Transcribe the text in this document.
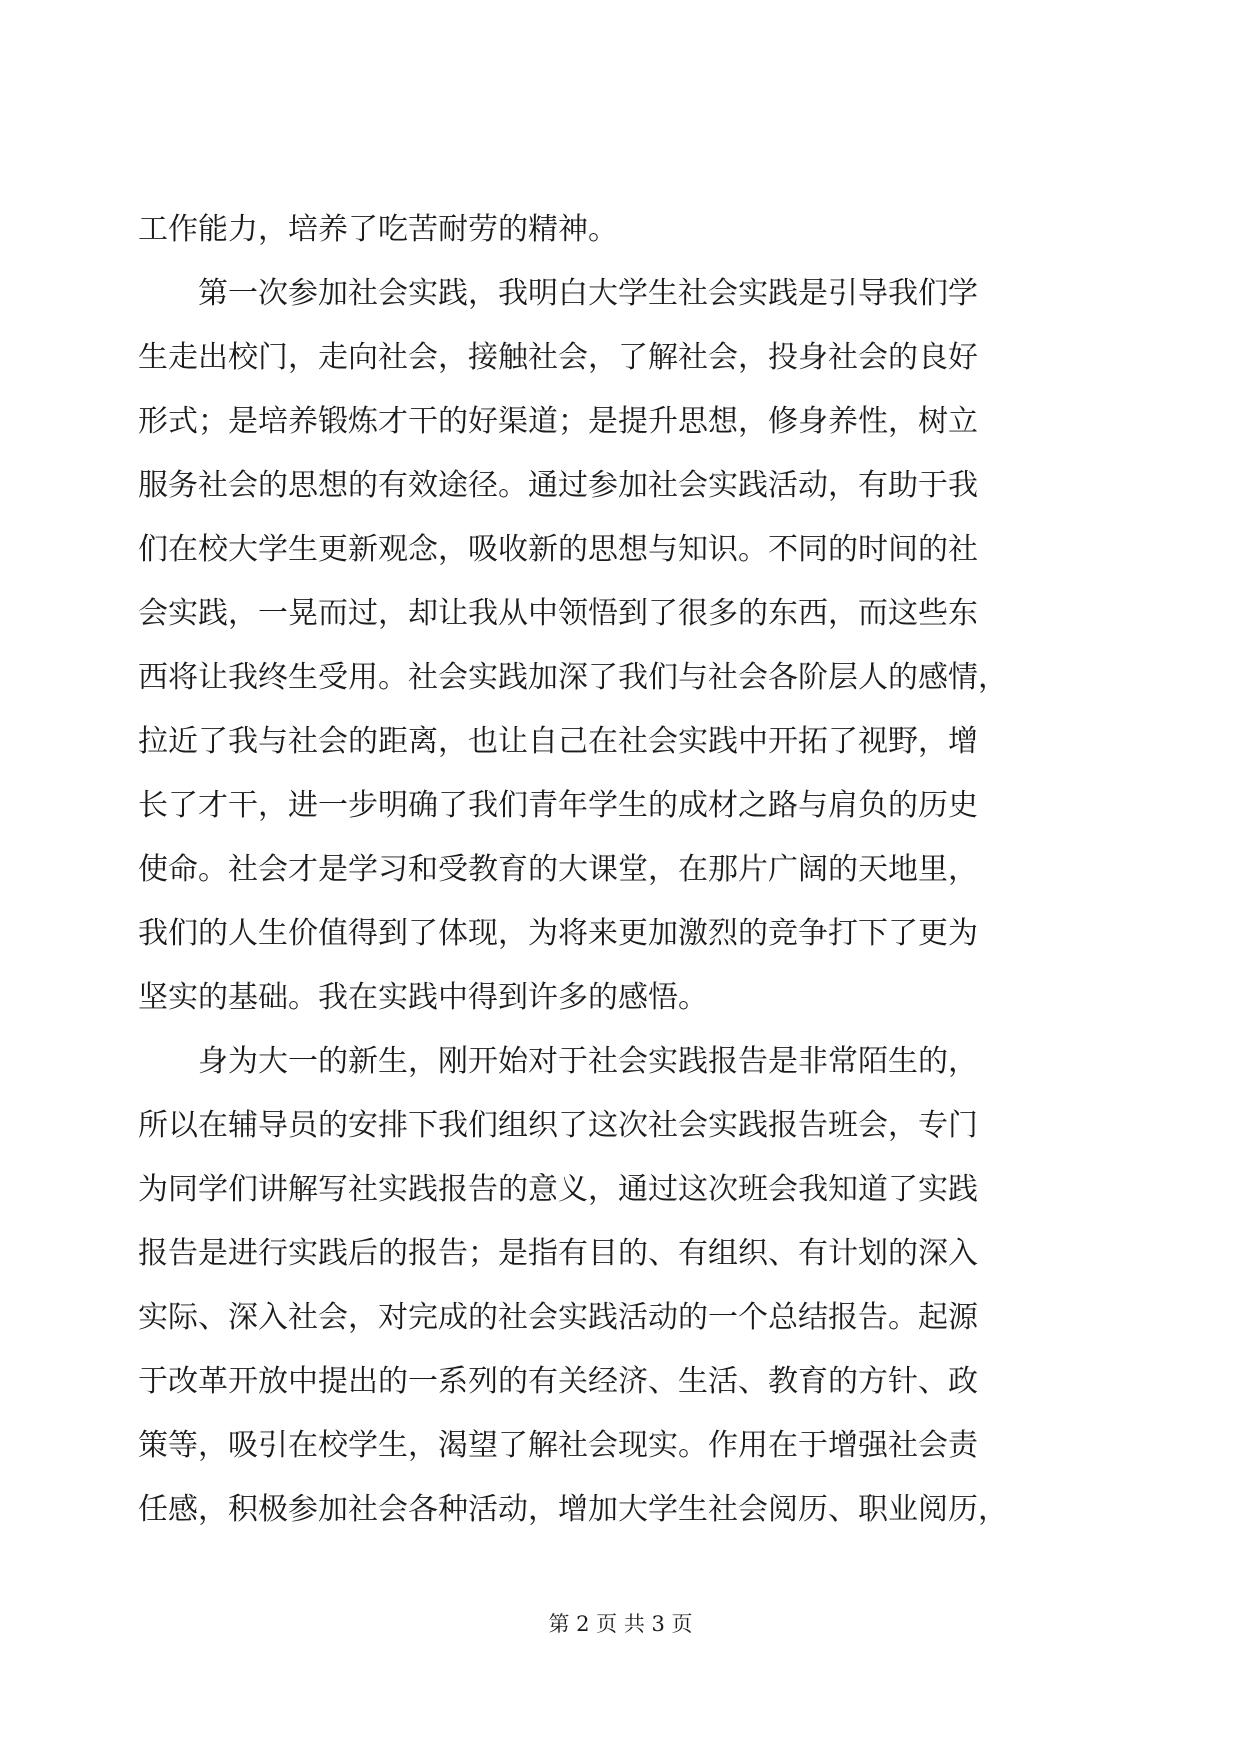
工作能力，培养了吃苦耐劳的精神。
　　第一次参加社会实践，我明白大学生社会实践是引导我们学
生走出校门，走向社会，接触社会，了解社会，投身社会的良好
形式；是培养锻炼才干的好渠道；是提升思想，修身养性，树立
服务社会的思想的有效途径。通过参加社会实践活动，有助于我
们在校大学生更新观念，吸收新的思想与知识。不同的时间的社
会实践，一晃而过，却让我从中领悟到了很多的东西，而这些东
西将让我终生受用。社会实践加深了我们与社会各阶层人的感情，
拉近了我与社会的距离，也让自己在社会实践中开拓了视野，增
长了才干，进一步明确了我们青年学生的成材之路与肩负的历史
使命。社会才是学习和受教育的大课堂，在那片广阔的天地里，
我们的人生价值得到了体现，为将来更加激烈的竞争打下了更为
坚实的基础。我在实践中得到许多的感悟。
　　身为大一的新生，刚开始对于社会实践报告是非常陌生的，
所以在辅导员的安排下我们组织了这次社会实践报告班会，专门
为同学们讲解写社实践报告的意义，通过这次班会我知道了实践
报告是进行实践后的报告；是指有目的、有组织、有计划的深入
实际、深入社会，对完成的社会实践活动的一个总结报告。起源
于改革开放中提出的一系列的有关经济、生活、教育的方针、政
策等，吸引在校学生，渴望了解社会现实。作用在于增强社会责
任感，积极参加社会各种活动，增加大学生社会阅历、职业阅历，
第 2 页 共 3 页
